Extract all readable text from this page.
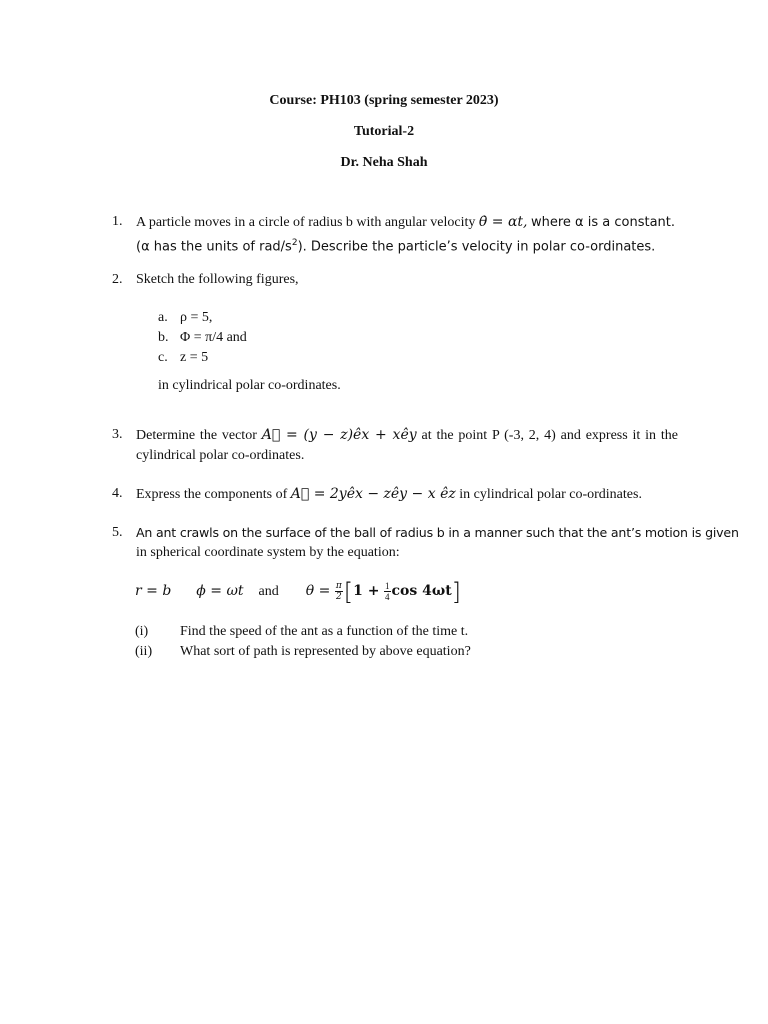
Course: PH103 (spring semester 2023)
Tutorial-2
Dr. Neha Shah
1. A particle moves in a circle of radius b with angular velocity θ̇ = αt, where α is a constant.
(α has the units of rad/$s^2$). Describe the particle’s velocity in polar co-ordinates.
2. Sketch the following figures,
a. ρ = 5,
b. Φ = π/4 and
c. z = 5
in cylindrical polar co-ordinates.
3. Determine the vector A⃗ = (y − z)êx + xêy at the point P (-3, 2, 4) and express it in the
cylindrical polar co-ordinates.
4. Express the components of A⃗ = 2yêx − zêy − x êz in cylindrical polar co-ordinates.
5. An ant crawls on the surface of the ball of radius b in a manner such that the ant’s motion is given
in spherical coordinate system by the equation:
r = b ϕ = ωt and $\theta = \frac{\pi}{2} [1 + \frac{1}{4}$ cos 4ωt]
(i) Find the speed of the ant as a function of the time t.
(ii) What sort of path is represented by above equation?
